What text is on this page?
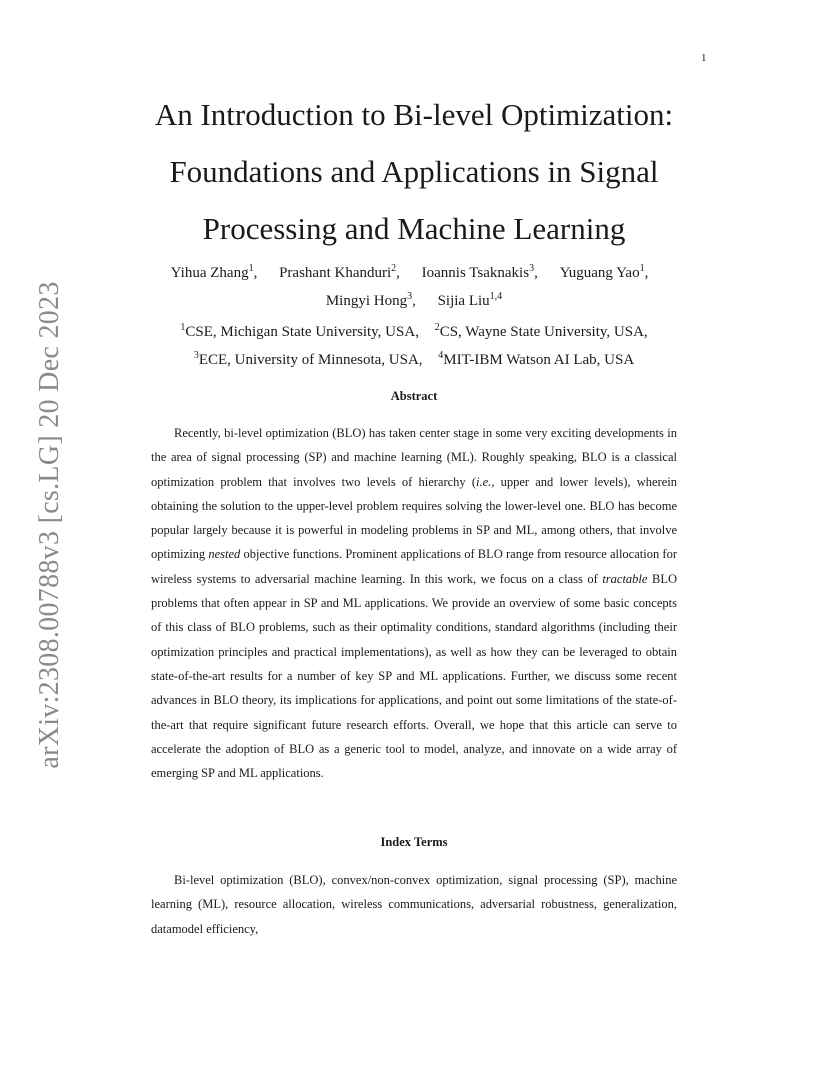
1
arXiv:2308.00788v3 [cs.LG] 20 Dec 2023
An Introduction to Bi-level Optimization:
Foundations and Applications in Signal
Processing and Machine Learning
Yihua Zhang$^1$, Prashant Khanduri$^2$, Ioannis Tsaknakis$^3$, Yuguang Yao$^1$,
Mingyi Hong$^3$, Sijia Liu$^{1,4}$
$^1$CSE, Michigan State University, USA, $^2$CS, Wayne State University, USA,
$^3$ECE, University of Minnesota, USA, $^4$MIT-IBM Watson AI Lab, USA
Abstract

Recently, bi-level optimization (BLO) has taken center stage in some very exciting developments in the area of signal processing (SP) and machine learning (ML). Roughly speaking, BLO is a classical optimization problem that involves two levels of hierarchy (i.e., upper and lower levels), wherein obtaining the solution to the upper-level problem requires solving the lower-level one. BLO has become popular largely because it is powerful in modeling problems in SP and ML, among others, that involve optimizing nested objective functions. Prominent applications of BLO range from resource allocation for wireless systems to adversarial machine learning. In this work, we focus on a class of tractable BLO problems that often appear in SP and ML applications. We provide an overview of some basic concepts of this class of BLO problems, such as their optimality conditions, standard algorithms (including their optimization principles and practical implementations), as well as how they can be leveraged to obtain state-of-the-art results for a number of key SP and ML applications. Further, we discuss some recent advances in BLO theory, its implications for applications, and point out some limitations of the state-of-the-art that require significant future research efforts. Overall, we hope that this article can serve to accelerate the adoption of BLO as a generic tool to model, analyze, and innovate on a wide array of emerging SP and ML applications.

Index Terms

Bi-level optimization (BLO), convex/non-convex optimization, signal processing (SP), machine learning (ML), resource allocation, wireless communications, adversarial robustness, generalization, datamodel efficiency,
